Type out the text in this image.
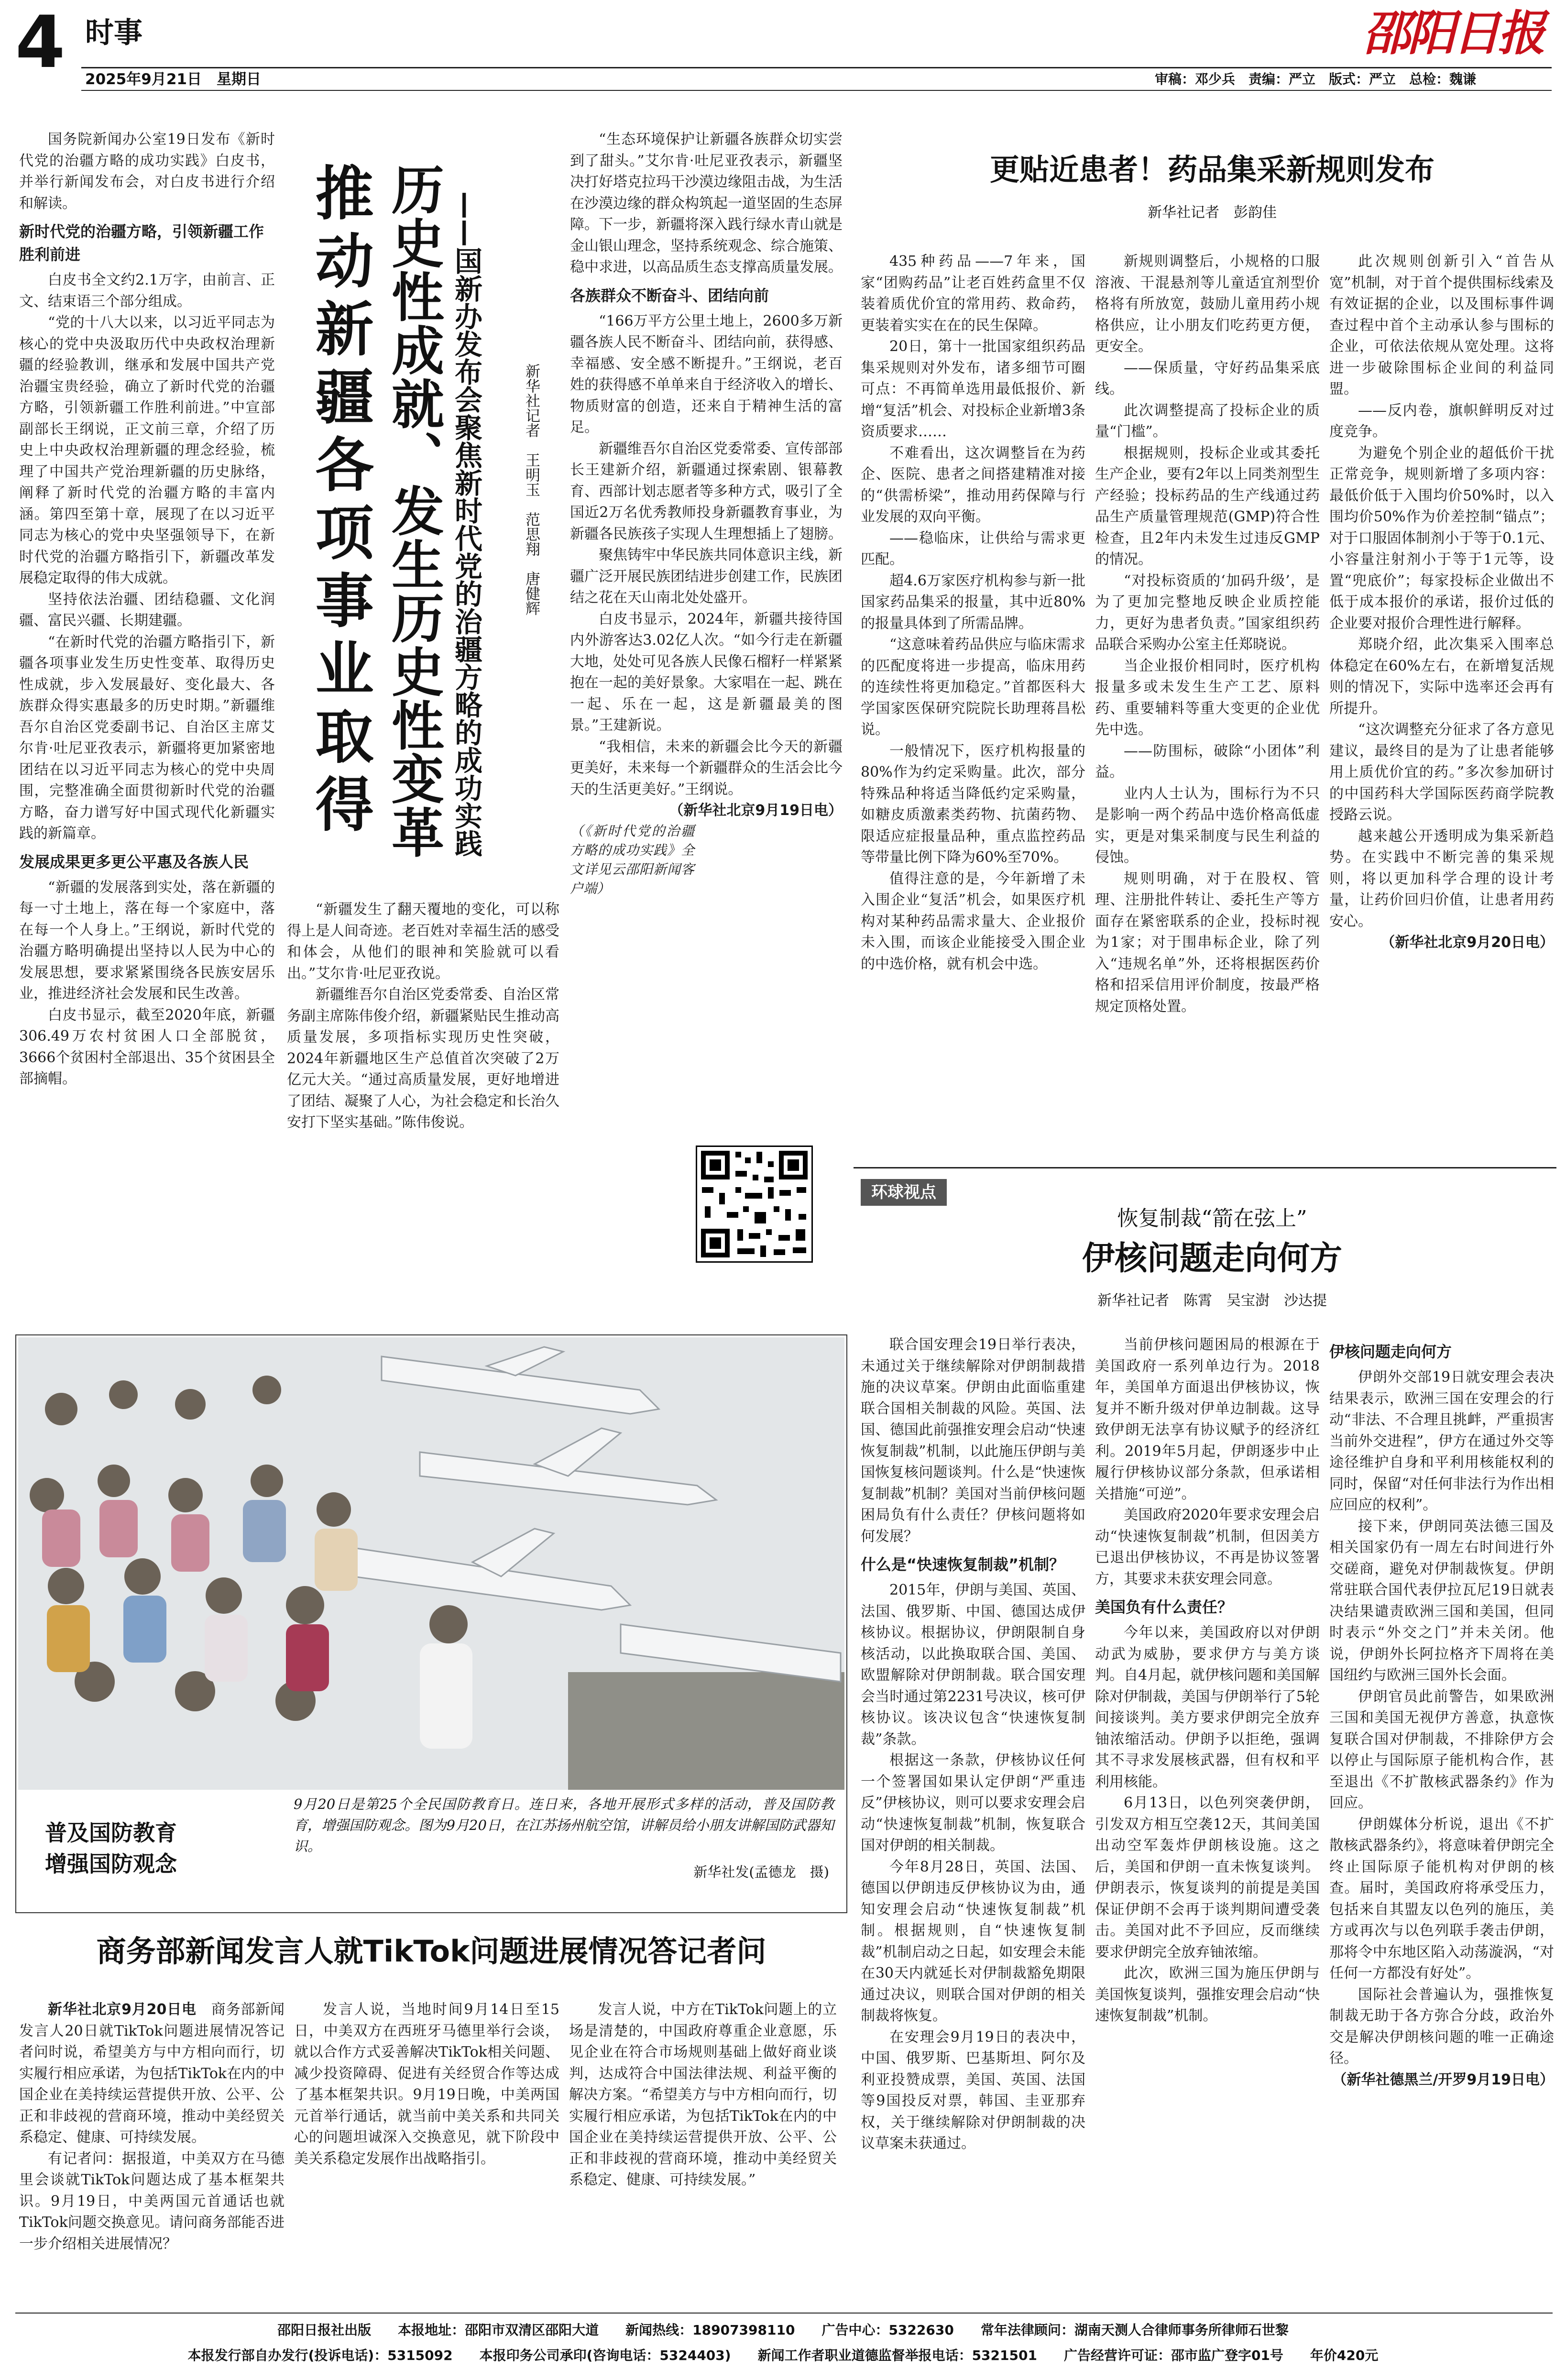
4 时事
2025年9月21日　星期日
邵阳日报
审稿：邓少兵　责编：严立　版式：严立　总检：魏谦

国务院新闻办公室19日发布《新时代党的治疆方略的成功实践》白皮书，并举行新闻发布会，对白皮书进行介绍和解读。

新时代党的治疆方略，引领新疆工作胜利前进

白皮书全文约2.1万字，由前言、正文、结束语三个部分组成。

“党的十八大以来，以习近平同志为核心的党中央汲取历代中央政权治理新疆的经验教训，继承和发展中国共产党治疆宝贵经验，确立了新时代党的治疆方略，引领新疆工作胜利前进。”中宣部副部长王纲说，正文前三章，介绍了历史上中央政权治理新疆的理念经验，梳理了中国共产党治理新疆的历史脉络，阐释了新时代党的治疆方略的丰富内涵。第四至第十章，展现了在以习近平同志为核心的党中央坚强领导下，在新时代党的治疆方略指引下，新疆改革发展稳定取得的伟大成就。

坚持依法治疆、团结稳疆、文化润疆、富民兴疆、长期建疆。

“在新时代党的治疆方略指引下，新疆各项事业发生历史性变革、取得历史性成就，步入发展最好、变化最大、各族群众得实惠最多的历史时期。”新疆维吾尔自治区党委副书记、自治区主席艾尔肯·吐尼亚孜表示，新疆将更加紧密地团结在以习近平同志为核心的党中央周围，完整准确全面贯彻新时代党的治疆方略，奋力谱写好中国式现代化新疆实践的新篇章。

发展成果更多更公平惠及各族人民

“新疆的发展落到实处，落在新疆的每一寸土地上，落在每一个家庭中，落在每一个人身上。”王纲说，新时代党的治疆方略明确提出坚持以人民为中心的发展思想，要求紧紧围绕各民族安居乐业，推进经济社会发展和民生改善。

白皮书显示，截至2020年底，新疆306.49万农村贫困人口全部脱贫，3666个贫困村全部退出、35个贫困县全部摘帽。

推动新疆各项事业取得 历史性成就、发生历史性变革 ——国新办发布会聚焦新时代党的治疆方略的成功实践	新华社记者　王明玉　范思翔　唐健辉

“新疆发生了翻天覆地的变化，可以称得上是人间奇迹。老百姓对幸福生活的感受和体会，从他们的眼神和笑脸就可以看出。”艾尔肯·吐尼亚孜说。

新疆维吾尔自治区党委常委、自治区常务副主席陈伟俊介绍，新疆紧贴民生推动高质量发展，多项指标实现历史性突破，2024年新疆地区生产总值首次突破了2万亿元大关。“通过高质量发展，更好地增进了团结、凝聚了人心，为社会稳定和长治久安打下坚实基础。”陈伟俊说。

“生态环境保护让新疆各族群众切实尝到了甜头。”艾尔肯·吐尼亚孜表示，新疆坚决打好塔克拉玛干沙漠边缘阻击战，为生活在沙漠边缘的群众构筑起一道坚固的生态屏障。下一步，新疆将深入践行绿水青山就是金山银山理念，坚持系统观念、综合施策、稳中求进，以高品质生态支撑高质量发展。

各族群众不断奋斗、团结向前

“166万平方公里土地上，2600多万新疆各族人民不断奋斗、团结向前，获得感、幸福感、安全感不断提升。”王纲说，老百姓的获得感不单单来自于经济收入的增长、物质财富的创造，还来自于精神生活的富足。

新疆维吾尔自治区党委常委、宣传部部长王建新介绍，新疆通过探索剧、银幕教育、西部计划志愿者等多种方式，吸引了全国近2万名优秀教师投身新疆教育事业，为新疆各民族孩子实现人生理想插上了翅膀。

聚焦铸牢中华民族共同体意识主线，新疆广泛开展民族团结进步创建工作，民族团结之花在天山南北处处盛开。

白皮书显示，2024年，新疆共接待国内外游客达3.02亿人次。“如今行走在新疆大地，处处可见各族人民像石榴籽一样紧紧抱在一起的美好景象。大家唱在一起、跳在一起、乐在一起，这是新疆最美的图景。”王建新说。

“我相信，未来的新疆会比今天的新疆更美好，未来每一个新疆群众的生活会比今天的生活更美好。”王纲说。

（新华社北京9月19日电）
（《新时代党的治疆方略的成功实践》全文详见云邵阳新闻客户端）
更贴近患者！药品集采新规则发布
新华社记者　彭韵佳

435种药品——7年来，国家“团购药品”让老百姓药盒里不仅装着质优价宜的常用药、救命药，更装着实实在在的民生保障。

20日，第十一批国家组织药品集采规则对外发布，诸多细节可圈可点：不再简单选用最低报价、新增“复活”机会、对投标企业新增3条资质要求……

不难看出，这次调整旨在为药企、医院、患者之间搭建精准对接的“供需桥梁”，推动用药保障与行业发展的双向平衡。

——稳临床，让供给与需求更匹配。

超4.6万家医疗机构参与新一批国家药品集采的报量，其中近80%的报量具体到了所需品牌。

“这意味着药品供应与临床需求的匹配度将进一步提高，临床用药的连续性将更加稳定。”首都医科大学国家医保研究院院长助理蒋昌松说。

一般情况下，医疗机构报量的80%作为约定采购量。此次，部分特殊品种将适当降低约定采购量，如糖皮质激素类药物、抗菌药物、限适应症报量品种，重点监控药品等带量比例下降为60%至70%。

值得注意的是，今年新增了未入围企业“复活”机会，如果医疗机构对某种药品需求量大、企业报价未入围，而该企业能接受入围企业的中选价格，就有机会中选。

新规则调整后，小规格的口服溶液、干混悬剂等儿童适宜剂型价格将有所放宽，鼓励儿童用药小规格供应，让小朋友们吃药更方便，更安全。

——保质量，守好药品集采底线。

此次调整提高了投标企业的质量“门槛”。

根据规则，投标企业或其委托生产企业，要有2年以上同类剂型生产经验；投标药品的生产线通过药品生产质量管理规范(GMP)符合性检查，且2年内未发生过违反GMP的情况。

“对投标资质的‘加码升级’，是为了更加完整地反映企业质控能力，更好为患者负责。”国家组织药品联合采购办公室主任郑晓说。

当企业报价相同时，医疗机构报量多或未发生生产工艺、原料药、重要辅料等重大变更的企业优先中选。

——防围标，破除“小团体”利益。

业内人士认为，围标行为不只是影响一两个药品中选价格高低虚实，更是对集采制度与民生利益的侵蚀。

规则明确，对于在股权、管理、注册批件转让、委托生产等方面存在紧密联系的企业，投标时视为1家；对于围串标企业，除了列入“违规名单”外，还将根据医药价格和招采信用评价制度，按最严格规定顶格处置。

此次规则创新引入“首告从宽”机制，对于首个提供围标线索及有效证据的企业，以及围标事件调查过程中首个主动承认参与围标的企业，可依法依规从宽处理。这将进一步破除围标企业间的利益同盟。

——反内卷，旗帜鲜明反对过度竞争。

为避免个别企业的超低价干扰正常竞争，规则新增了多项内容：最低价低于入围均价50%时，以入围均价50%作为价差控制“锚点”；对于口服固体制剂小于等于0.1元、小容量注射剂小于等于1元等，设置“兜底价”；每家投标企业做出不低于成本报价的承诺，报价过低的企业要对报价合理性进行解释。

郑晓介绍，此次集采入围率总体稳定在60%左右，在新增复活规则的情况下，实际中选率还会再有所提升。

“这次调整充分征求了各方意见建议，最终目的是为了让患者能够用上质优价宜的药。”多次参加研讨的中国药科大学国际医药商学院教授路云说。

越来越公开透明成为集采新趋势。在实践中不断完善的集采规则，将以更加科学合理的设计考量，让药价回归价值，让患者用药安心。

（新华社北京9月20日电）
环球视点
恢复制裁“箭在弦上”
伊核问题走向何方
新华社记者　陈霄　吴宝澍　沙达提

联合国安理会19日举行表决，未通过关于继续解除对伊朗制裁措施的决议草案。伊朗由此面临重建联合国相关制裁的风险。英国、法国、德国此前强推安理会启动“快速恢复制裁”机制，以此施压伊朗与美国恢复核问题谈判。什么是“快速恢复制裁”机制？美国对当前伊核问题困局负有什么责任？伊核问题将如何发展？

什么是“快速恢复制裁”机制？

2015年，伊朗与美国、英国、法国、俄罗斯、中国、德国达成伊核协议。根据协议，伊朗限制自身核活动，以此换取联合国、美国、欧盟解除对伊朗制裁。联合国安理会当时通过第2231号决议，核可伊核协议。该决议包含“快速恢复制裁”条款。

根据这一条款，伊核协议任何一个签署国如果认定伊朗“严重违反”伊核协议，则可以要求安理会启动“快速恢复制裁”机制，恢复联合国对伊朗的相关制裁。

今年8月28日，英国、法国、德国以伊朗违反伊核协议为由，通知安理会启动“快速恢复制裁”机制。根据规则，自“快速恢复制裁”机制启动之日起，如安理会未能在30天内就延长对伊制裁豁免期限通过决议，则联合国对伊朗的相关制裁将恢复。

在安理会9月19日的表决中，中国、俄罗斯、巴基斯坦、阿尔及利亚投赞成票，美国、英国、法国等9国投反对票，韩国、圭亚那弃权，关于继续解除对伊朗制裁的决议草案未获通过。

当前伊核问题困局的根源在于美国政府一系列单边行为。2018年，美国单方面退出伊核协议，恢复并不断升级对伊单边制裁。这导致伊朗无法享有协议赋予的经济红利。2019年5月起，伊朗逐步中止履行伊核协议部分条款，但承诺相关措施“可逆”。

美国政府2020年要求安理会启动“快速恢复制裁”机制，但因美方已退出伊核协议，不再是协议签署方，其要求未获安理会同意。

美国负有什么责任？

今年以来，美国政府以对伊朗动武为威胁，要求伊方与美方谈判。自4月起，就伊核问题和美国解除对伊制裁，美国与伊朗举行了5轮间接谈判。美方要求伊朗完全放弃铀浓缩活动。伊朗予以拒绝，强调其不寻求发展核武器，但有权和平利用核能。

6月13日，以色列突袭伊朗，引发双方相互空袭12天，其间美国出动空军轰炸伊朗核设施。这之后，美国和伊朗一直未恢复谈判。伊朗表示，恢复谈判的前提是美国保证伊朗不会再于谈判期间遭受袭击。美国对此不予回应，反而继续要求伊朗完全放弃铀浓缩。

此次，欧洲三国为施压伊朗与美国恢复谈判，强推安理会启动“快速恢复制裁”机制。

伊核问题走向何方

伊朗外交部19日就安理会表决结果表示，欧洲三国在安理会的行动“非法、不合理且挑衅，严重损害当前外交进程”，伊方在通过外交等途径维护自身和平利用核能权利的同时，保留“对任何非法行为作出相应回应的权利”。

接下来，伊朗同英法德三国及相关国家仍有一周左右时间进行外交磋商，避免对伊制裁恢复。伊朗常驻联合国代表伊拉瓦尼19日就表决结果谴责欧洲三国和美国，但同时表示“外交之门”并未关闭。他说，伊朗外长阿拉格齐下周将在美国纽约与欧洲三国外长会面。

伊朗官员此前警告，如果欧洲三国和美国无视伊方善意，执意恢复联合国对伊制裁，不排除伊方会以停止与国际原子能机构合作，甚至退出《不扩散核武器条约》作为回应。

伊朗媒体分析说，退出《不扩散核武器条约》，将意味着伊朗完全终止国际原子能机构对伊朗的核查。届时，美国政府将承受压力，包括来自其盟友以色列的施压，美方或再次与以色列联手袭击伊朗，那将令中东地区陷入动荡漩涡，“对任何一方都没有好处”。

国际社会普遍认为，强推恢复制裁无助于各方弥合分歧，政治外交是解决伊朗核问题的唯一正确途径。

（新华社德黑兰/开罗9月19日电）
普及国防教育
增强国防观念
9月20日是第25个全民国防教育日。连日来，各地开展形式多样的活动，普及国防教育，增强国防观念。图为9月20日，在江苏扬州航空馆，讲解员给小朋友讲解国防武器知识。
新华社发(孟德龙　摄)
商务部新闻发言人就TikTok问题进展情况答记者问

新华社北京9月20日电　 商务部新闻发言人20日就TikTok问题进展情况答记者问时说，希望美方与中方相向而行，切实履行相应承诺，为包括TikTok在内的中国企业在美持续运营提供开放、公平、公正和非歧视的营商环境，推动中美经贸关系稳定、健康、可持续发展。

有记者问：据报道，中美双方在马德里会谈就TikTok问题达成了基本框架共识。9月19日，中美两国元首通话也就TikTok问题交换意见。请问商务部能否进一步介绍相关进展情况？

发言人说，当地时间9月14日至15日，中美双方在西班牙马德里举行会谈，就以合作方式妥善解决TikTok相关问题、减少投资障碍、促进有关经贸合作等达成了基本框架共识。9月19日晚，中美两国元首举行通话，就当前中美关系和共同关心的问题坦诚深入交换意见，就下阶段中美关系稳定发展作出战略指引。

发言人说，中方在TikTok问题上的立场是清楚的，中国政府尊重企业意愿，乐见企业在符合市场规则基础上做好商业谈判，达成符合中国法律法规、利益平衡的解决方案。“希望美方与中方相向而行，切实履行相应承诺，为包括TikTok在内的中国企业在美持续运营提供开放、公平、公正和非歧视的营商环境，推动中美经贸关系稳定、健康、可持续发展。”

邵阳日报社出版　　本报地址：邵阳市双清区邵阳大道　　新闻热线：18907398110　　广告中心：5322630　　常年法律顾问：湖南天测人合律师事务所律师石世黎
本报发行部自办发行(投诉电话)：5315092　　本报印务公司承印(咨询电话：5324403)　　新闻工作者职业道德监督举报电话：5321501　　广告经营许可证：邵市监广登字01号　　年价420元
